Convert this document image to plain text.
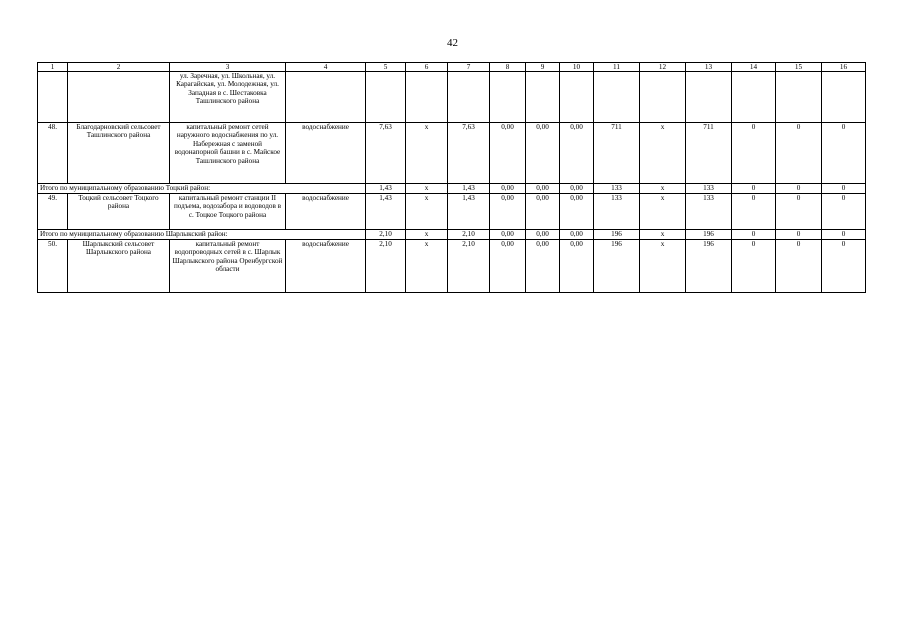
42
1	2	3	4	5	6	7	8	9	10	11	12	13	14	15	16
		ул. Заречная, ул. Школьная, ул. Карагайская, ул. Молодежная, ул. Западная в с. Шестаковка Ташлинского района													
48.	Благодарновский сельсовет Ташлинского района	капитальный ремонт сетей наружного водоснабжения по ул. Набережная с заменой водонапорной башни в с. Майское Ташлинского района	водоснабжение	7,63	х	7,63	0,00	0,00	0,00	711	х	711	0	0	0
Итого по муниципальному образованию Тоцкий район:				1,43	х	1,43	0,00	0,00	0,00	133	х	133	0	0	0
49.	Тоцкий сельсовет Тоцкого района	капитальный ремонт станции II подъема, водозабора и водоводов в с. Тоцкое Тоцкого района	водоснабжение	1,43	х	1,43	0,00	0,00	0,00	133	х	133	0	0	0
Итого по муниципальному образованию Шарлыкский район:				2,10	х	2,10	0,00	0,00	0,00	196	х	196	0	0	0
50.	Шарлыкский сельсовет Шарлыкского района	капитальный ремонт водопроводных сетей в с. Шарлык Шарлыкского района Оренбургской области	водоснабжение	2,10	х	2,10	0,00	0,00	0,00	196	х	196	0	0	0
